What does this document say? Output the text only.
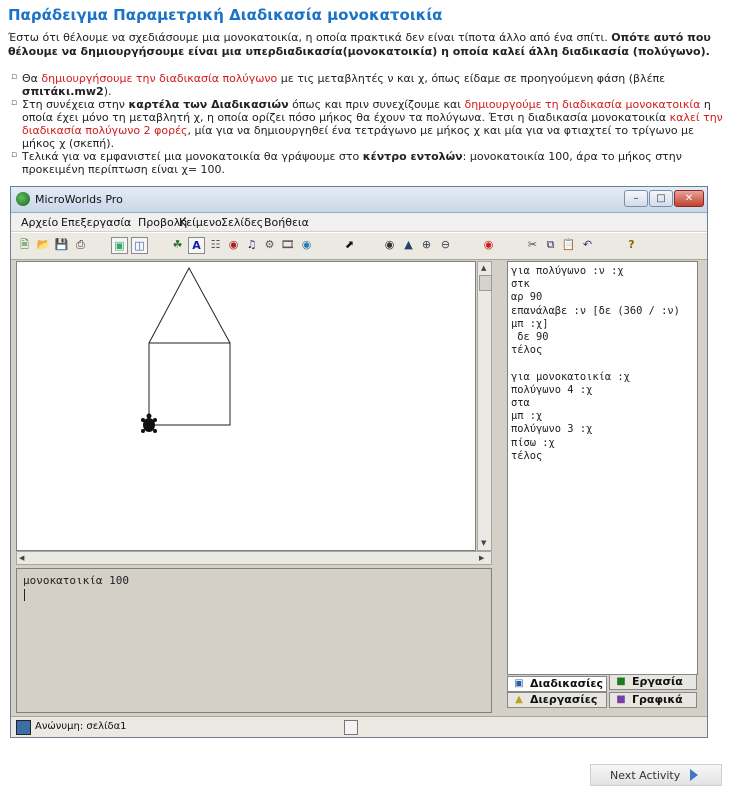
Παράδειγμα Παραμετρική Διαδικασία μονοκατοικία
Έστω ότι θέλουμε να σχεδιάσουμε μια μονοκατοικία, η οποία πρακτικά δεν είναι τίποτα άλλο από ένα σπίτι. Οπότε αυτό που θέλουμε να δημιουργήσουμε είναι μια υπερδιαδικασία(μονοκατοικία) η οποία καλεί άλλη διαδικασία (πολύγωνο).
▫ Θα δημιουργήσουμε την διαδικασία πολύγωνο με τις μεταβλητές ν και χ, όπως είδαμε σε προηγούμενη φάση (βλέπε σπιτάκι.mw2).
▫ Στη συνέχεια στην καρτέλα των Διαδικασιών όπως και πριν συνεχίζουμε και δημιουργούμε τη διαδικασία μονοκατοικία η οποία έχει μόνο τη μεταβλητή χ, η οποία ορίζει πόσο μήκος θα έχουν τα πολύγωνα. Έτσι η διαδικασία μονοκατοικία καλεί την διαδικασία πολύγωνο 2 φορές, μία για να δημιουργηθεί ένα τετράγωνο με μήκος χ και μία για να φτιαχτεί το τρίγωνο με μήκος χ (σκεπή).
▫ Τελικά για να εμφανιστεί μια μονοκατοικία θα γράψουμε στο κέντρο εντολών: μονοκατοικία 100, άρα το μήκος στην προκειμένη περίπτωση είναι χ= 100.
MicroWorlds Pro	–	□	✕
Αρχείο Επεξεργασία Προβολή
Κείμενο Σελίδες Βοήθεια
🗎 📂 💾 ⎙	▣ ◫	☘ A ☷ ◉ ♫ ⚙ 🎞 ◉	⬈	◉ ▲ ⊕ ⊖	◉	✂ ⧉ 📋 ↶	?
▲
▼
◀	▶
μονοκατοικία 100
για πολύγωνο :ν :χ
στκ
αρ 90
επανάλαβε :ν [δε (360 / :ν)
μπ :χ]
δε 90
τέλος

για μονοκατοικία :χ
πολύγωνο 4 :χ
στα
μπ :χ
πολύγωνο 3 :χ
πίσω :χ
τέλος
▣ Διαδικασίες	■ Εργασία
▲ Διεργασίες	■ Γραφικά
Ανώνυμη: σελίδα1
Next Activity
